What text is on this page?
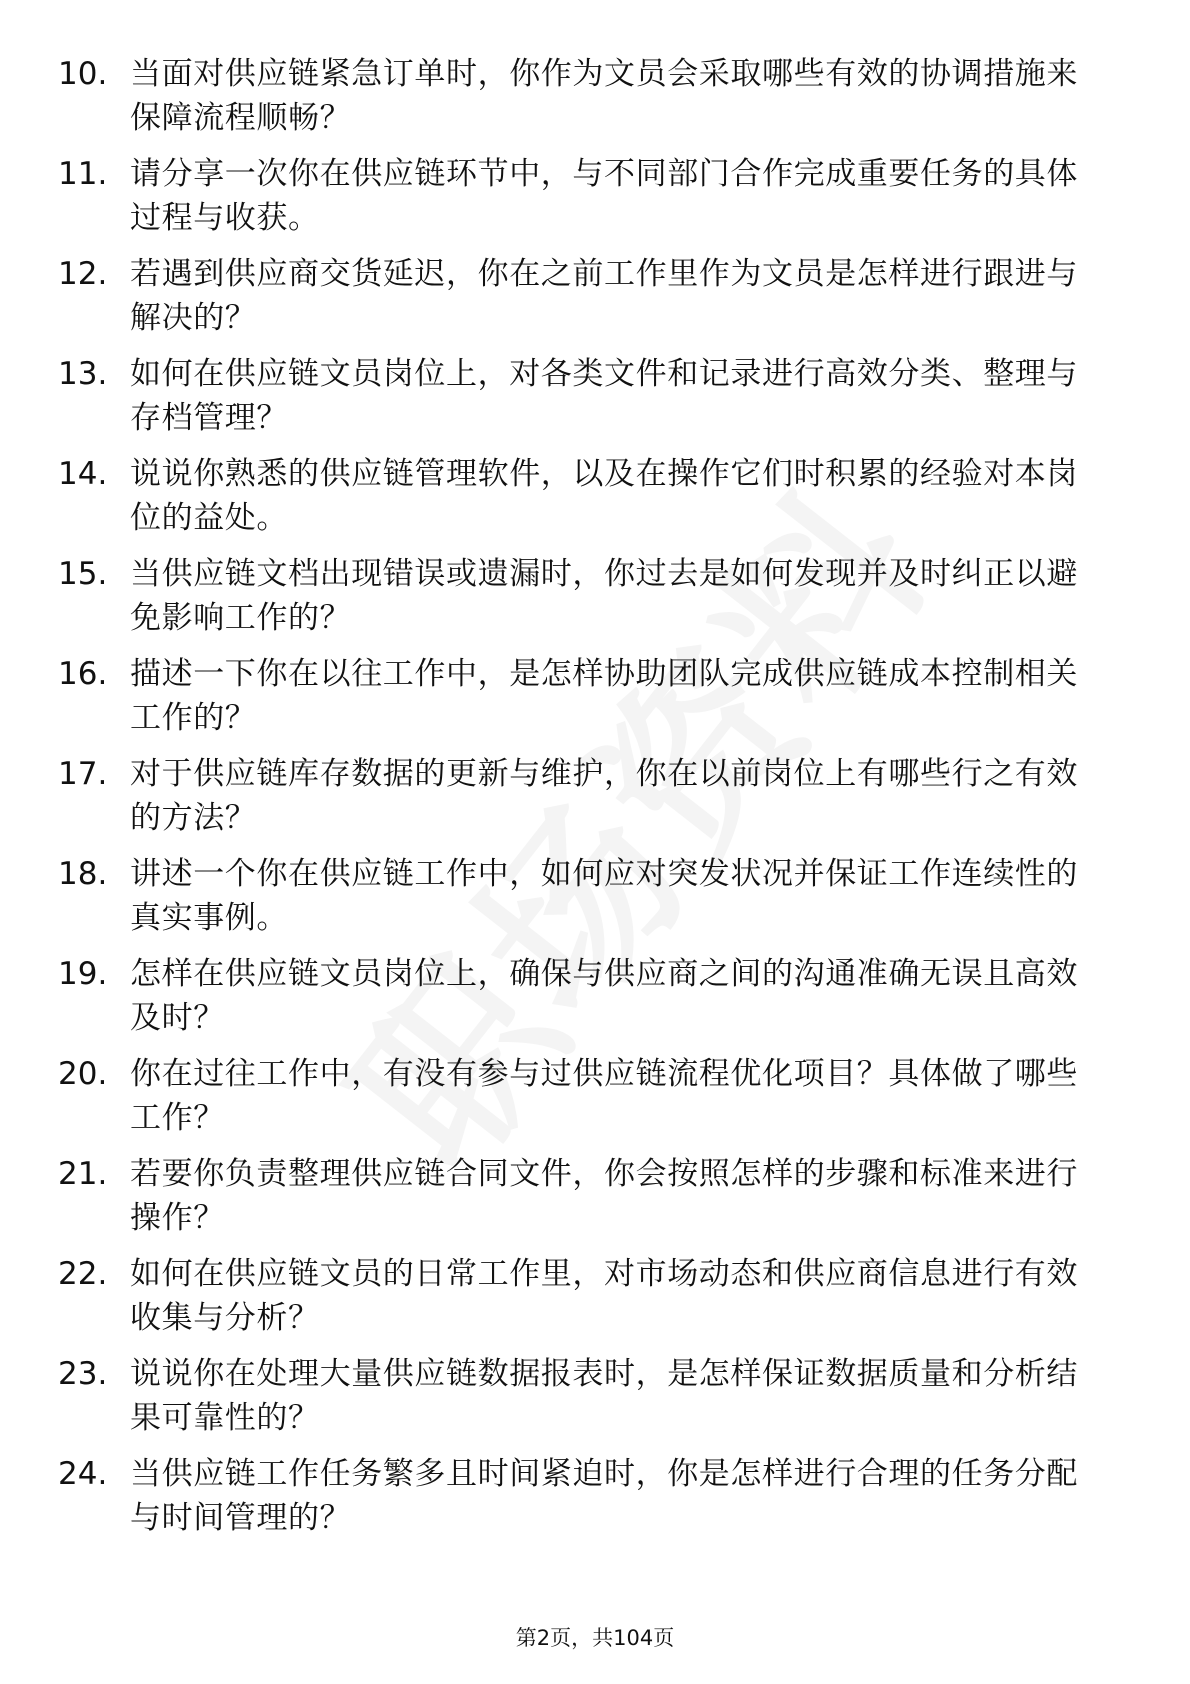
10. 当面对供应链紧急订单时，你作为文员会采取哪些有效的协调措施来保障流程顺畅？
11. 请分享一次你在供应链环节中，与不同部门合作完成重要任务的具体过程与收获。
12. 若遇到供应商交货延迟，你在之前工作里作为文员是怎样进行跟进与解决的？
13. 如何在供应链文员岗位上，对各类文件和记录进行高效分类、整理与存档管理？
14. 说说你熟悉的供应链管理软件，以及在操作它们时积累的经验对本岗位的益处。
15. 当供应链文档出现错误或遗漏时，你过去是如何发现并及时纠正以避免影响工作的？
16. 描述一下你在以往工作中，是怎样协助团队完成供应链成本控制相关工作的？
17. 对于供应链库存数据的更新与维护，你在以前岗位上有哪些行之有效的方法？
18. 讲述一个你在供应链工作中，如何应对突发状况并保证工作连续性的真实事例。
19. 怎样在供应链文员岗位上，确保与供应商之间的沟通准确无误且高效及时？
20. 你在过往工作中，有没有参与过供应链流程优化项目？具体做了哪些工作？
21. 若要你负责整理供应链合同文件，你会按照怎样的步骤和标准来进行操作？
22. 如何在供应链文员的日常工作里，对市场动态和供应商信息进行有效收集与分析？
23. 说说你在处理大量供应链数据报表时，是怎样保证数据质量和分析结果可靠性的？
24. 当供应链工作任务繁多且时间紧迫时，你是怎样进行合理的任务分配与时间管理的？
第2页，共104页
